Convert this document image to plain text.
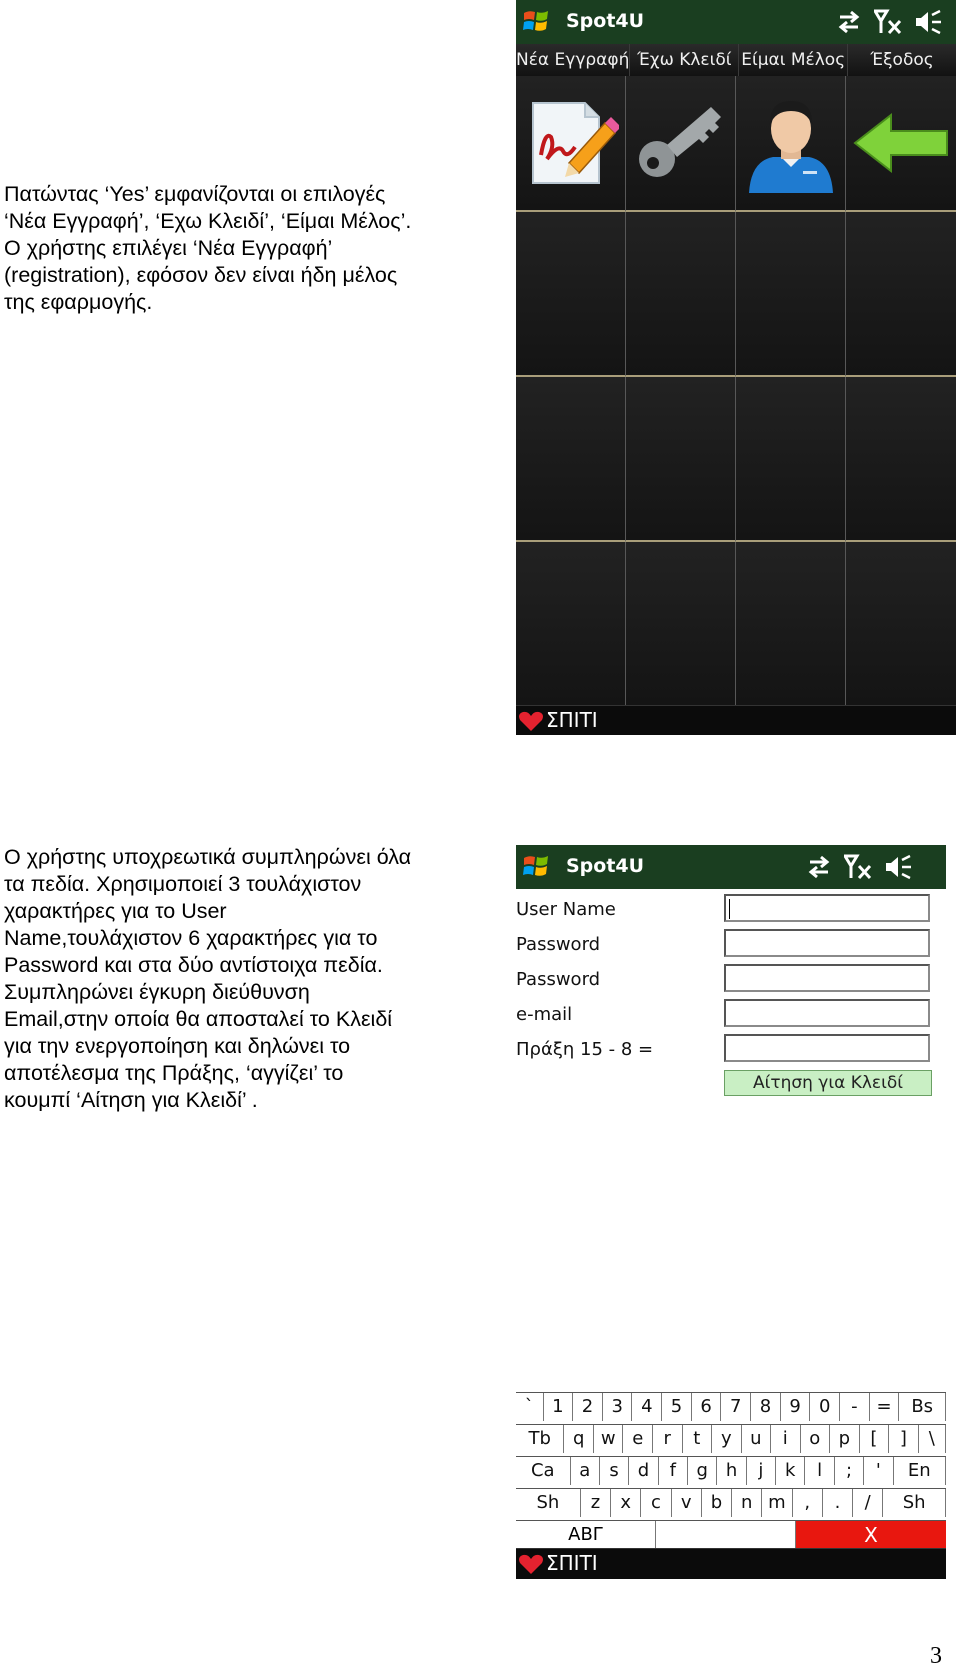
Πατώντας ‘Yes’ εμφανίζονται οι επιλογές
‘Νέα Εγγραφή’, ‘Εχω Κλειδί’, ‘Είμαι Μέλος’.
Ο χρήστης επιλέγει ‘Νέα Εγγραφή’
(registration), εφόσον δεν είναι ήδη μέλος
της εφαρμογής.
Spot4U
Νέα Εγγραφή Έχω Κλειδί Είμαι Μέλος	Έξοδος
ΣΠΙΤΙ
Ο χρήστης υποχρεωτικά συμπληρώνει όλα
τα πεδία. Χρησιμοποιεί 3 τουλάχιστον
χαρακτήρες για το User
Name,τουλάχιστον 6 χαρακτήρες για το
Password και στα δύο αντίστοιχα πεδία.
Συμπληρώνει έγκυρη διεύθυνση
Email,στην οποία θα αποσταλεί το Κλειδί
για την ενεργοποίηση και δηλώνει το
αποτέλεσμα της Πράξης, ‘αγγίζει’ το
κουμπί ‘Αίτηση για Κλειδί’ .
Spot4U
User Name
Password
Password
e-mail
Πράξη 15 - 8 =
Αίτηση για Κλειδί
ΑΒΓ	X
`	1	2	3	4	5	6	7	8	9	0	-	=	Bs
Tb	q w e	r	t	y	u	i	o	p	[	]	\
Ca	a	s	d	f	g h	j	k	l	;	'	En
Sh	z	x	c	v	b	n m	,	.	/	Sh
ΣΠΙΤΙ
3
